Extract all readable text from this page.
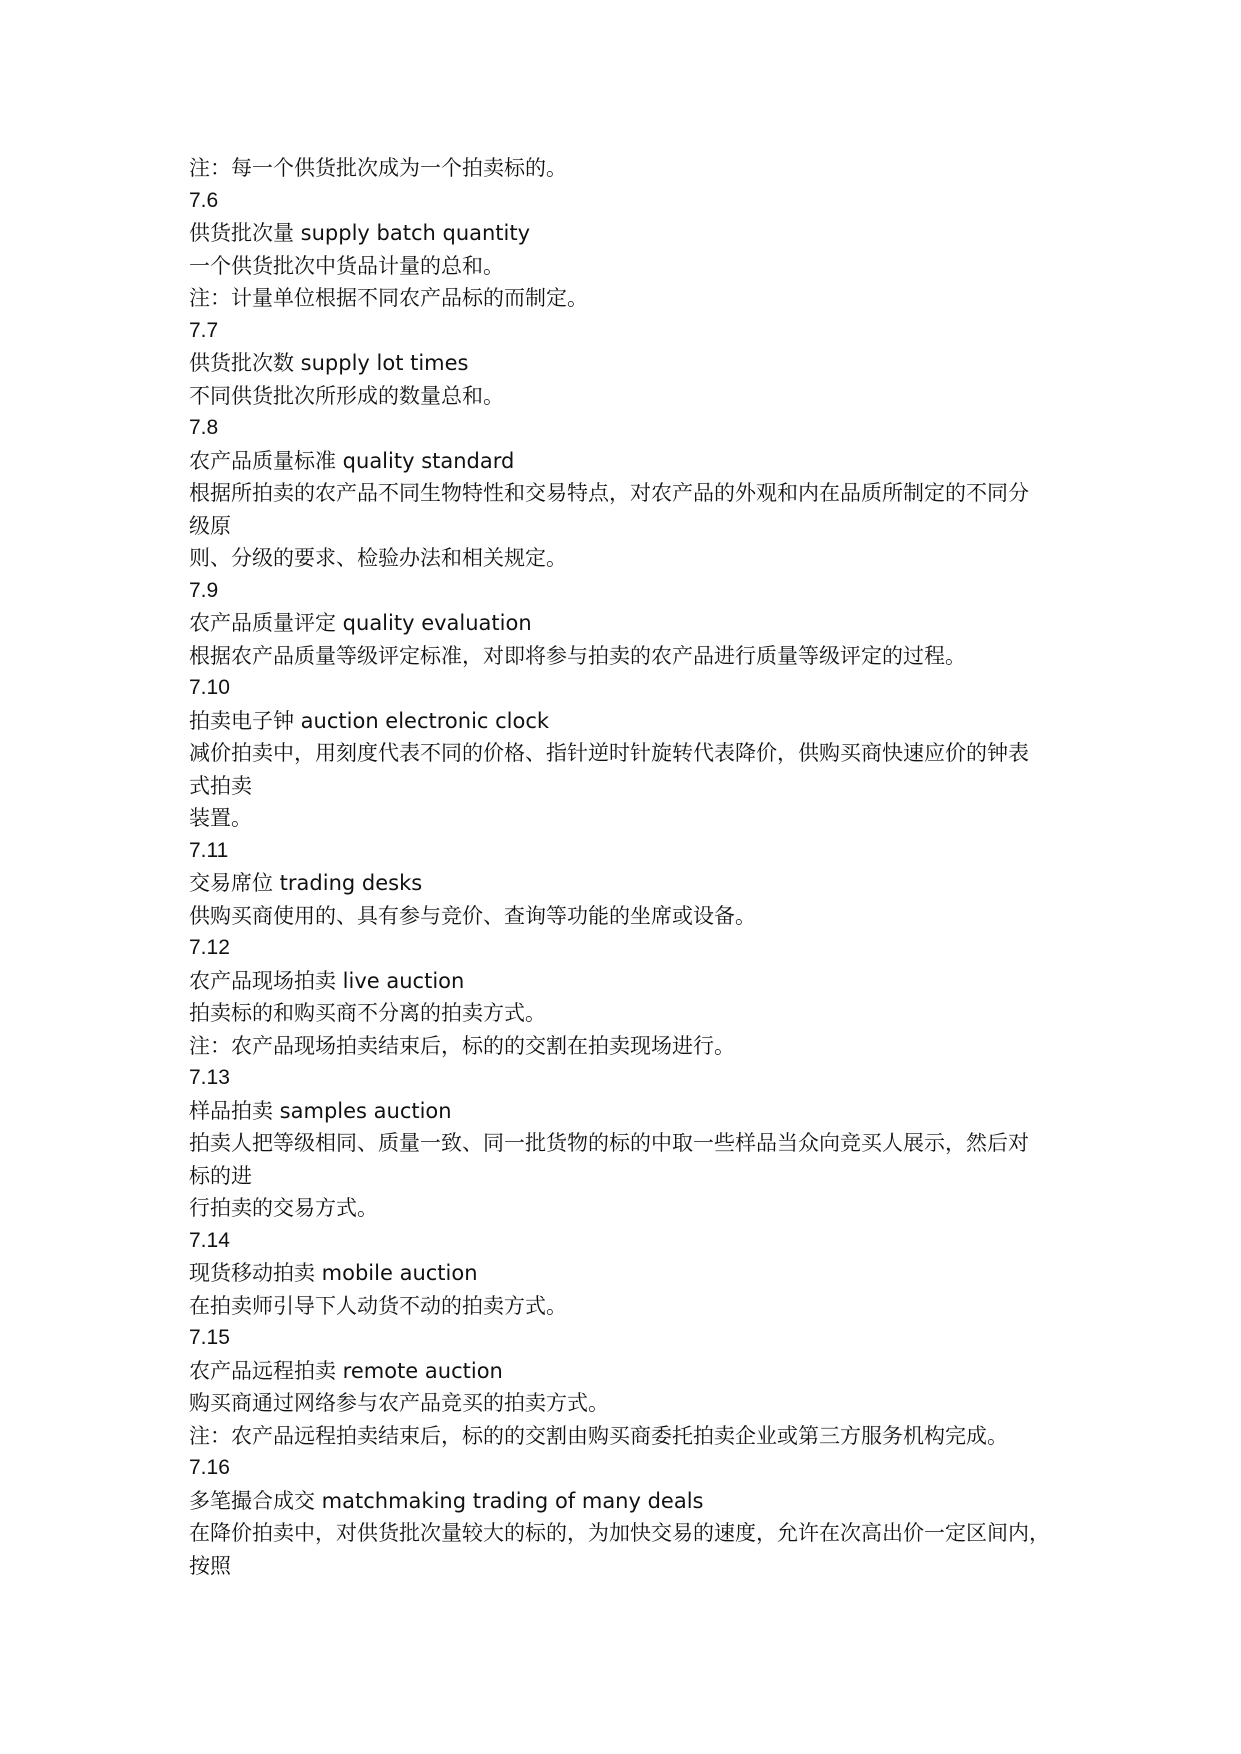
注：每一个供货批次成为一个拍卖标的。
7.6
供货批次量 supply batch quantity
一个供货批次中货品计量的总和。
注：计量单位根据不同农产品标的而制定。
7.7
供货批次数 supply lot times
不同供货批次所形成的数量总和。
7.8
农产品质量标准 quality standard
根据所拍卖的农产品不同生物特性和交易特点，对农产品的外观和内在品质所制定的不同分
级原
则、分级的要求、检验办法和相关规定。
7.9
农产品质量评定 quality evaluation
根据农产品质量等级评定标准，对即将参与拍卖的农产品进行质量等级评定的过程。
7.10
拍卖电子钟 auction electronic clock
减价拍卖中，用刻度代表不同的价格、指针逆时针旋转代表降价，供购买商快速应价的钟表
式拍卖
装置。
7.11
交易席位 trading desks
供购买商使用的、具有参与竞价、查询等功能的坐席或设备。
7.12
农产品现场拍卖 live auction
拍卖标的和购买商不分离的拍卖方式。
注：农产品现场拍卖结束后，标的的交割在拍卖现场进行。
7.13
样品拍卖 samples auction
拍卖人把等级相同、质量一致、同一批货物的标的中取一些样品当众向竞买人展示，然后对
标的进
行拍卖的交易方式。
7.14
现货移动拍卖 mobile auction
在拍卖师引导下人动货不动的拍卖方式。
7.15
农产品远程拍卖 remote auction
购买商通过网络参与农产品竞买的拍卖方式。
注：农产品远程拍卖结束后，标的的交割由购买商委托拍卖企业或第三方服务机构完成。
7.16
多笔撮合成交 matchmaking trading of many deals
在降价拍卖中，对供货批次量较大的标的，为加快交易的速度，允许在次高出价一定区间内，
按照
